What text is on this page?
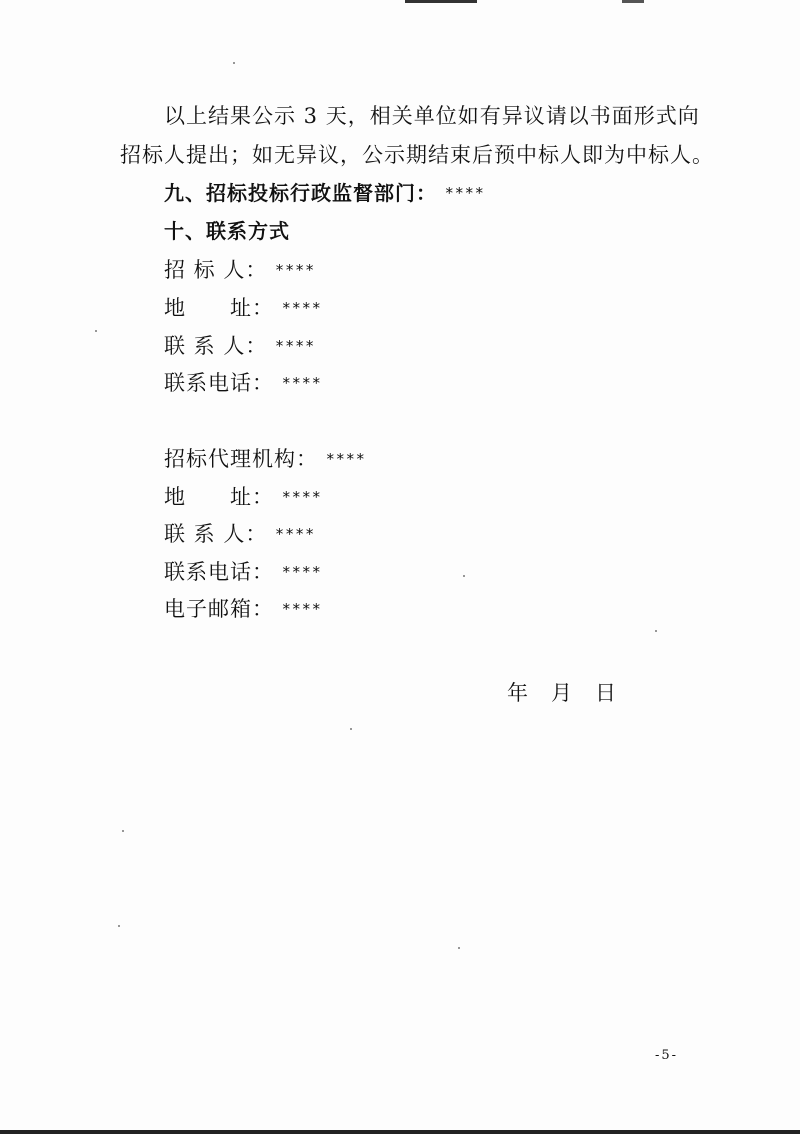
以上结果公示 3 天，相关单位如有异议请以书面形式向
招标人提出；如无异议，公示期结束后预中标人即为中标人。
九、招标投标行政监督部门： ****
十、联系方式
招 标 人： ****
地　　址： ****
联 系 人： ****
联系电话： ****
招标代理机构： ****
地　　址： ****
联 系 人： ****
联系电话： ****
电子邮箱： ****
年　月　日
-5-
